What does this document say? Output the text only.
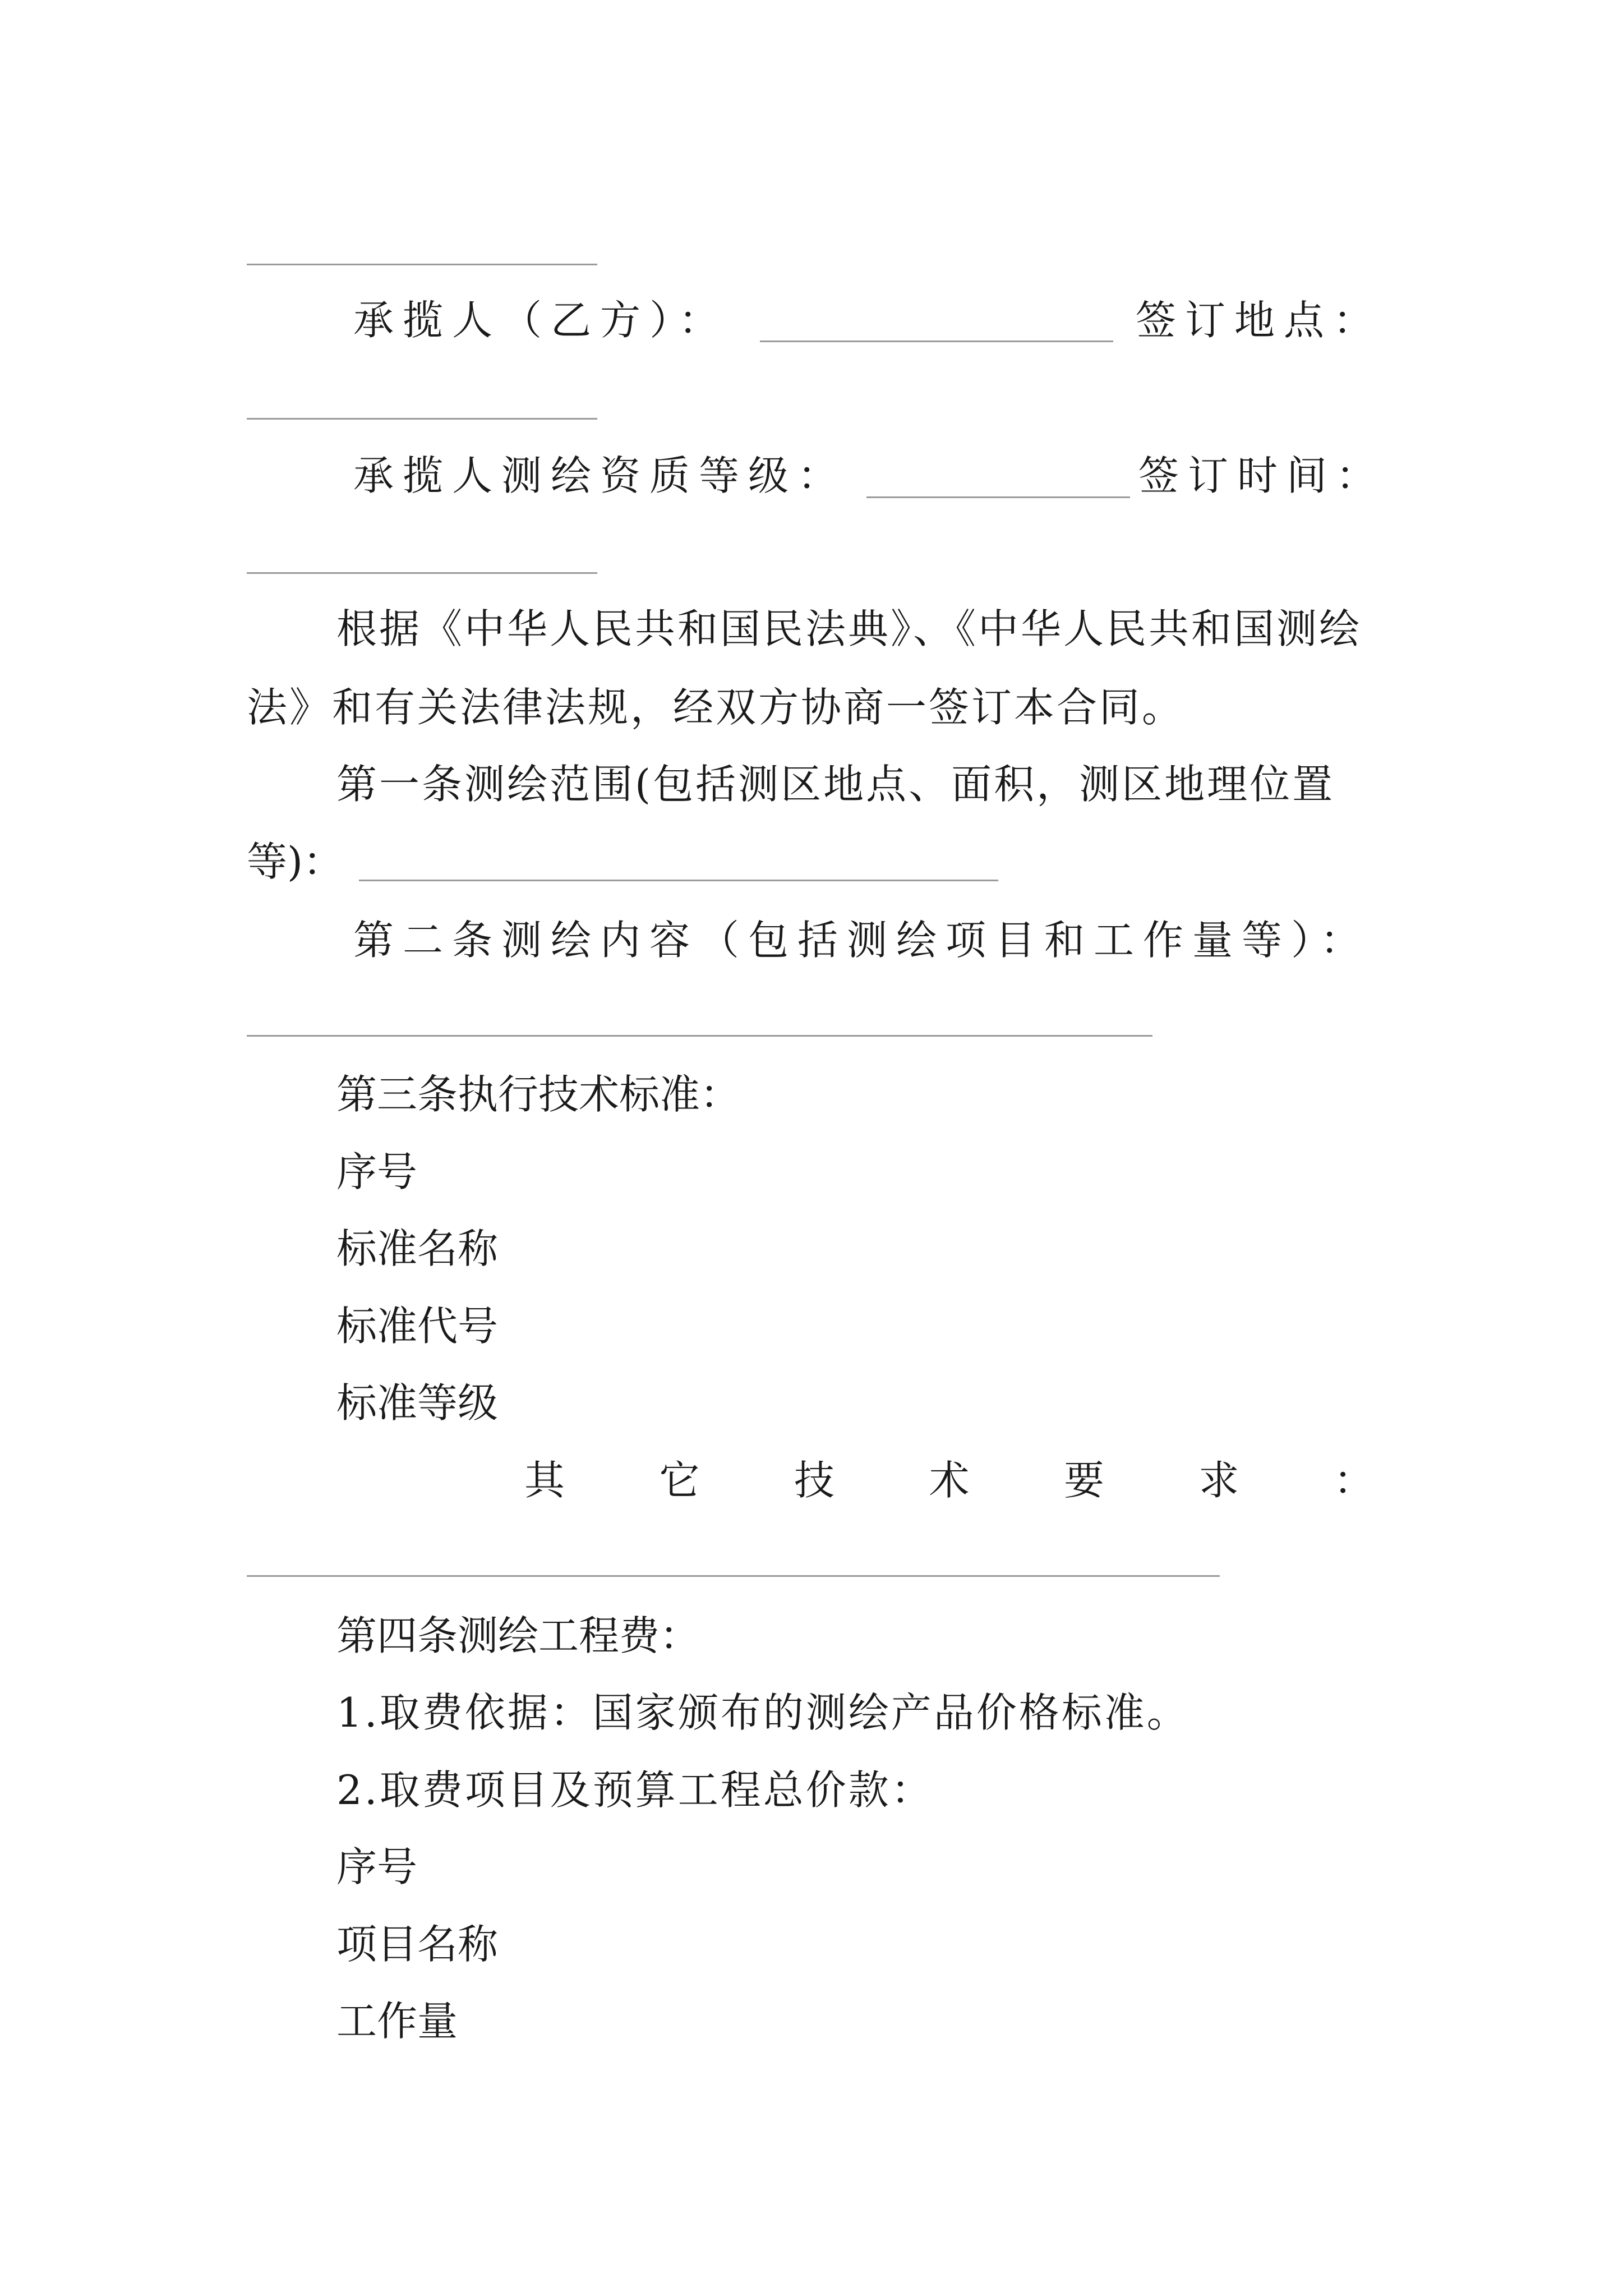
承揽人（乙方）：	签订地点：
承揽人测绘资质等级：	签订时间：
根据《中华人民共和国民法典》、《中华人民共和国测绘
法》和有关法律法规，经双方协商一签订本合同。
第一条测绘范围(包括测区地点、面积，测区地理位置
等)：
第二条测绘内容（包括测绘项目和工作量等）：
第三条执行技术标准：
序号
标准名称
标准代号
标准等级
其 它 技 术 要 求 ：
第四条测绘工程费：
1.取费依据：国家颁布的测绘产品价格标准。
2.取费项目及预算工程总价款：
序号
项目名称
工作量
